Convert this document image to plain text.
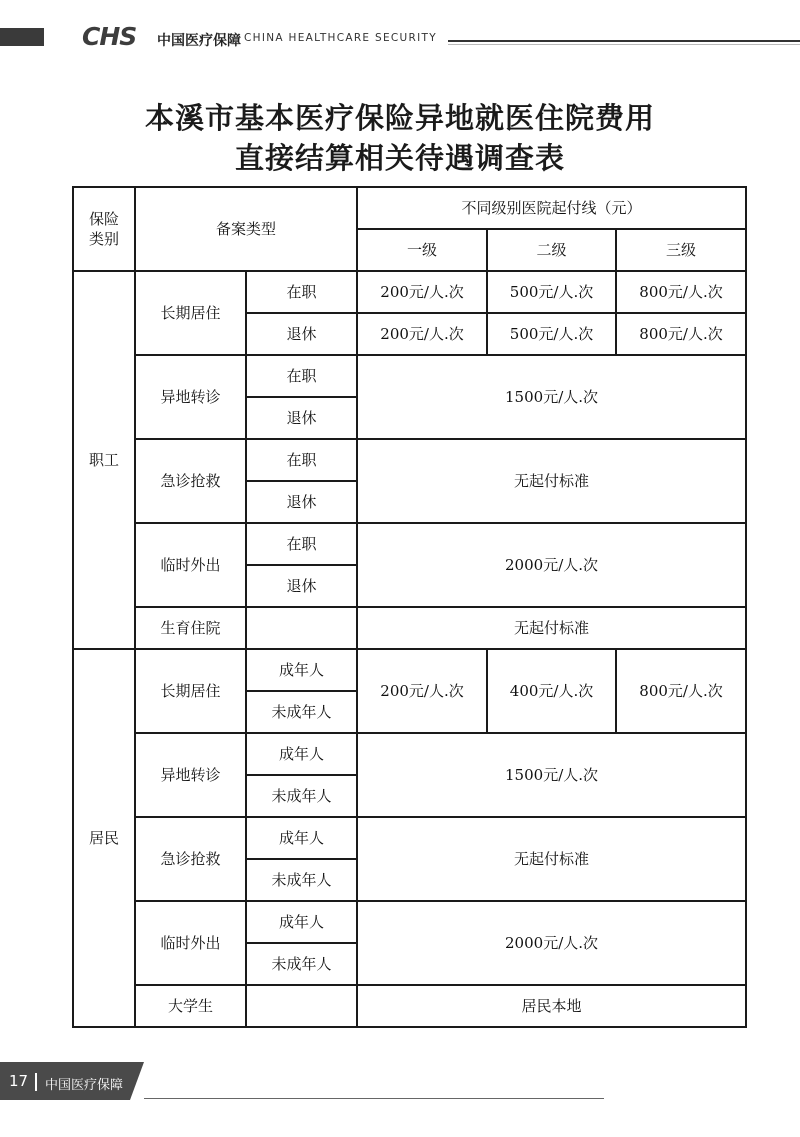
CHS 中国医疗保障 CHINA HEALTHCARE SECURITY
本溪市基本医疗保险异地就医住院费用
直接结算相关待遇调查表
保险
类别	备案类型		不同级别医院起付线（元）		
			一级	二级	三级
职工	长期居住	在职	200元/人.次	500元/人.次	800元/人.次
		退休	200元/人.次	500元/人.次	800元/人.次
	异地转诊	在职	1500元/人.次		
		退休			
	急诊抢救	在职	无起付标准		
		退休			
	临时外出	在职	2000元/人.次		
		退休			
	生育住院		无起付标准		
居民	长期居住	成年人	200元/人.次	400元/人.次	800元/人.次
		未成年人			
	异地转诊	成年人	1500元/人.次		
		未成年人			
	急诊抢救	成年人	无起付标准		
		未成年人			
	临时外出	成年人	2000元/人.次		
		未成年人			
	大学生		居民本地		
17 中国医疗保障
